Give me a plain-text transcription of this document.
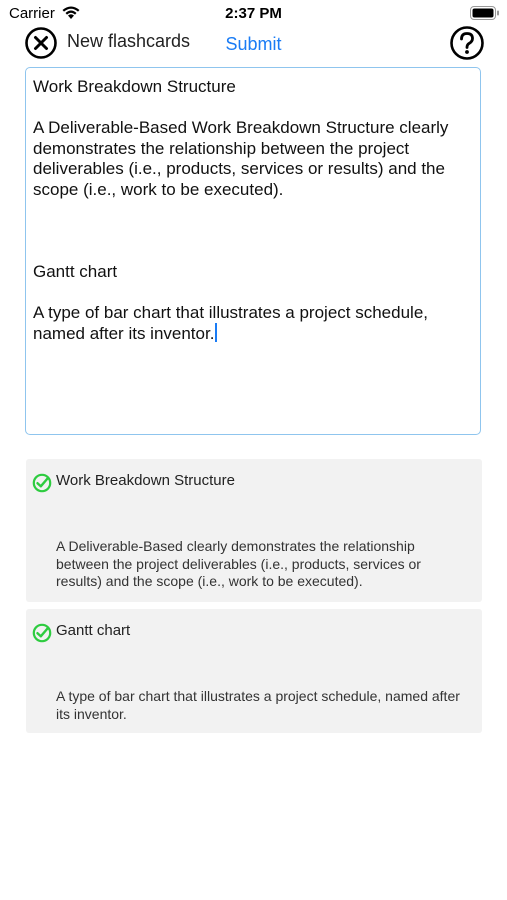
Carrier	2:37 PM
New flashcards	Submit

Work Breakdown Structure

A Deliverable-Based Work Breakdown Structure clearly demonstrates the relationship between the project deliverables (i.e., products, services or results) and the scope (i.e., work to be executed).

Gantt chart

A type of bar chart that illustrates a project schedule, named after its inventor.

Work Breakdown Structure
A Deliverable-Based clearly demonstrates the relationship between the project deliverables (i.e., products, services or results) and the scope (i.e., work to be executed).
Gantt chart
A type of bar chart that illustrates a project schedule, named after its inventor.
